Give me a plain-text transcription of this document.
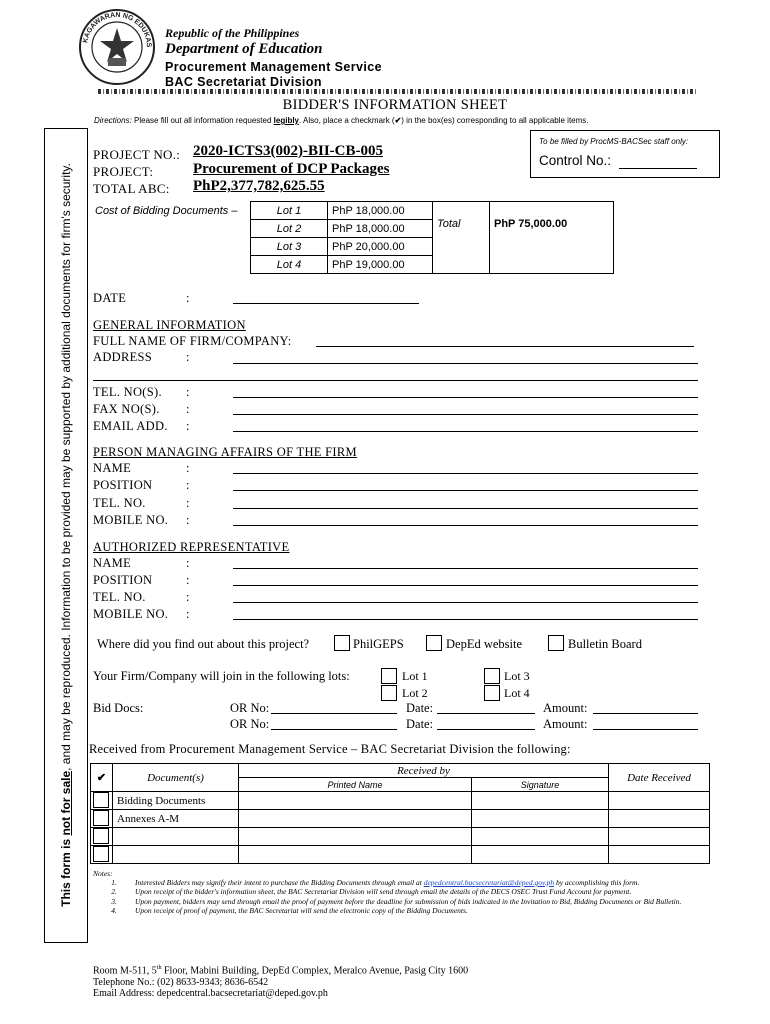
KAGAWARAN NG EDUKAS
Republic of the Philippines
Department of Education
Procurement Management Service
BAC Secretariat Division
BIDDER'S INFORMATION SHEET
Directions: Please fill out all information requested legibly. Also, place a checkmark (✔) in the box(es) corresponding to all applicable items.
This form is not for sale, and may be reproduced. Information to be provided may be supported by additional documents for firm's security.
To be filled by ProcMS-BACSec staff only:
Control No.:
PROJECT NO.: 2020-ICTS3(002)-BII-CB-005
PROJECT:	Procurement of DCP Packages
TOTAL ABC: PhP2,377,782,625.55
Cost of Bidding Documents –	Lot 1	PhP 18,000.00	Total	PhP 75,000.00
Lot 2	PhP 18,000.00		
Lot 3	PhP 20,000.00		
Lot 4	PhP 19,000.00		
DATE	:
GENERAL INFORMATION
FULL NAME OF FIRM/COMPANY:
ADDRESS	:
TEL. NO(S). :
FAX NO(S). :
EMAIL ADD. :
PERSON MANAGING AFFAIRS OF THE FIRM
NAME	:
POSITION	:
TEL. NO.	:
MOBILE NO. :
AUTHORIZED REPRESENTATIVE
NAME	:
POSITION	:
TEL. NO.	:
MOBILE NO. :
Where did you find out about this project?	PhilGEPS	DepEd website	Bulletin Board
Your Firm/Company will join in the following lots:	Lot 1
Lot 2
Lot 3
Lot 4
Bid Docs:	OR No:	Date:	Amount:
OR No:	Date:	Amount:
Received from Procurement Management Service – BAC Secretariat Division the following:
✔	Document(s)	Received by		Date Received
		Printed Name	Signature	

	Bidding Documents			

	Annexes A-M			

Notes:
1.	Interested Bidders may signify their intent to purchase the Bidding Documents through email at depedcentral.bacsecretariat@deped.gov.ph by accomplishing this form.
2.	Upon receipt of the bidder's information sheet, the BAC Secretariat Division will send through email the details of the DECS OSEC Trust Fund Account for payment.
3.	Upon payment, bidders may send through email the proof of payment before the deadline for submission of bids indicated in the Invitation to Bid, Bidding Documents or Bid Bulletin.
4.	Upon receipt of proof of payment, the BAC Secretariat will send the electronic copy of the Bidding Documents.
Room M-511, 5th Floor, Mabini Building, DepEd Complex, Meralco Avenue, Pasig City 1600
Telephone No.: (02) 8633-9343; 8636-6542
Email Address: depedcentral.bacsecretariat@deped.gov.ph
